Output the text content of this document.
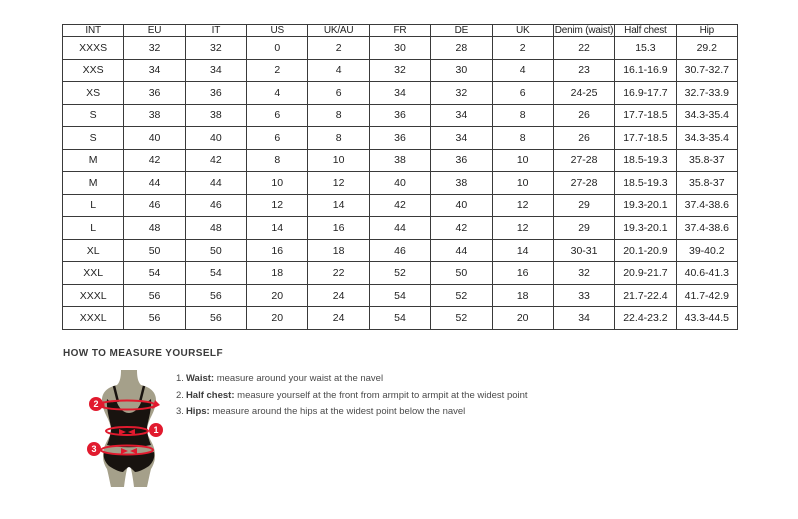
INT	EU	IT	US	UK/AU	FR	DE	UK	Denim (waist)	Half chest	Hip
XXXS	32	32	0	2	30	28	2	22	15.3	29.2
XXS	34	34	2	4	32	30	4	23	16.1-16.9	30.7-32.7
XS	36	36	4	6	34	32	6	24-25	16.9-17.7	32.7-33.9
S	38	38	6	8	36	34	8	26	17.7-18.5	34.3-35.4
S	40	40	6	8	36	34	8	26	17.7-18.5	34.3-35.4
M	42	42	8	10	38	36	10	27-28	18.5-19.3	35.8-37
M	44	44	10	12	40	38	10	27-28	18.5-19.3	35.8-37
L	46	46	12	14	42	40	12	29	19.3-20.1	37.4-38.6
L	48	48	14	16	44	42	12	29	19.3-20.1	37.4-38.6
XL	50	50	16	18	46	44	14	30-31	20.1-20.9	39-40.2
XXL	54	54	18	22	52	50	16	32	20.9-21.7	40.6-41.3
XXXL	56	56	20	24	54	52	18	33	21.7-22.4	41.7-42.9
XXXL	56	56	20	24	54	52	20	34	22.4-23.2	43.3-44.5
HOW TO MEASURE YOURSELF
2
1
3
1. Waist: measure around your waist at the navel
2. Half chest: measure yourself at the front from armpit to armpit at the widest point
3. Hips: measure around the hips at the widest point below the navel
